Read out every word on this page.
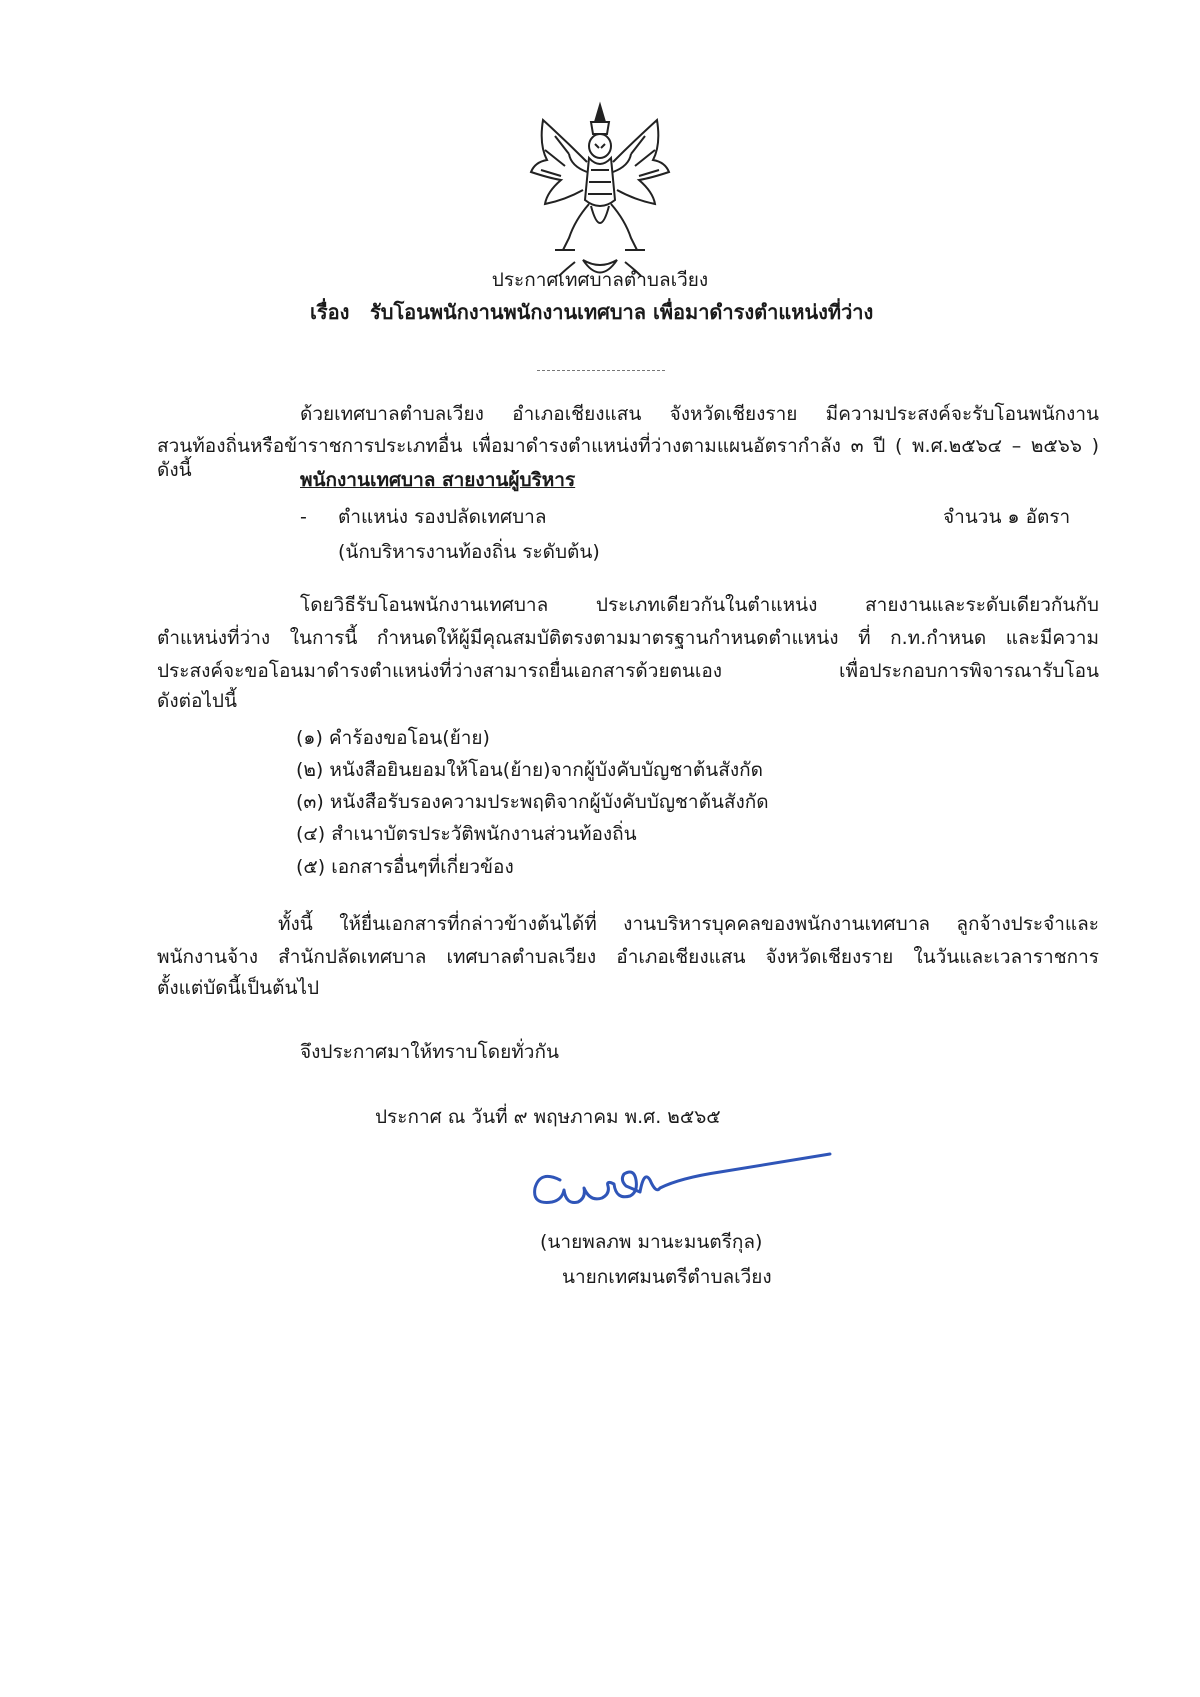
ประกาศเทศบาลตำบลเวียง
เรื่อง รับโอนพนักงานพนักงานเทศบาล เพื่อมาดำรงตำแหน่งที่ว่าง
ด้วยเทศบาลตำบลเวียง อำเภอเชียงแสน จังหวัดเชียงราย มีความประสงค์จะรับโอนพนักงาน
สวนท้องถิ่นหรือข้าราชการประเภทอื่น เพื่อมาดำรงตำแหน่งที่ว่างตามแผนอัตรากำลัง ๓ ปี ( พ.ศ.๒๕๖๔ – ๒๕๖๖ ) ดังนี้	พนักงานเทศบาล สายงานผู้บริหาร
- ตำแหน่ง รองปลัดเทศบาล	จำนวน ๑ อัตรา
(นักบริหารงานท้องถิ่น ระดับต้น)
โดยวิธีรับโอนพนักงานเทศบาล ประเภทเดียวกันในตำแหน่ง สายงานและระดับเดียวกันกับ
ตำแหน่งที่ว่าง ในการนี้ กำหนดให้ผู้มีคุณสมบัติตรงตามมาตรฐานกำหนดตำแหน่ง ที่ ก.ท.กำหนด และมีความ
ประสงค์จะขอโอนมาดำรงตำแหน่งที่ว่างสามารถยื่นเอกสารด้วยตนเอง เพื่อประกอบการพิจารณารับโอน
ดังต่อไปนี้
(๑) คำร้องขอโอน(ย้าย)
(๒) หนังสือยินยอมให้โอน(ย้าย)จากผู้บังคับบัญชาต้นสังกัด
(๓) หนังสือรับรองความประพฤติจากผู้บังคับบัญชาต้นสังกัด
(๔) สำเนาบัตรประวัติพนักงานส่วนท้องถิ่น
(๕) เอกสารอื่นๆที่เกี่ยวข้อง
ทั้งนี้ ให้ยื่นเอกสารที่กล่าวข้างต้นได้ที่ งานบริหารบุคคลของพนักงานเทศบาล ลูกจ้างประจำและ
พนักงานจ้าง สำนักปลัดเทศบาล เทศบาลตำบลเวียง อำเภอเชียงแสน จังหวัดเชียงราย ในวันและเวลาราชการ
ตั้งแต่บัดนี้เป็นต้นไป
จึงประกาศมาให้ทราบโดยทั่วกัน
ประกาศ ณ วันที่ ๙ พฤษภาคม พ.ศ. ๒๕๖๕
(นายพลภพ มานะมนตรีกุล)
นายกเทศมนตรีตำบลเวียง
